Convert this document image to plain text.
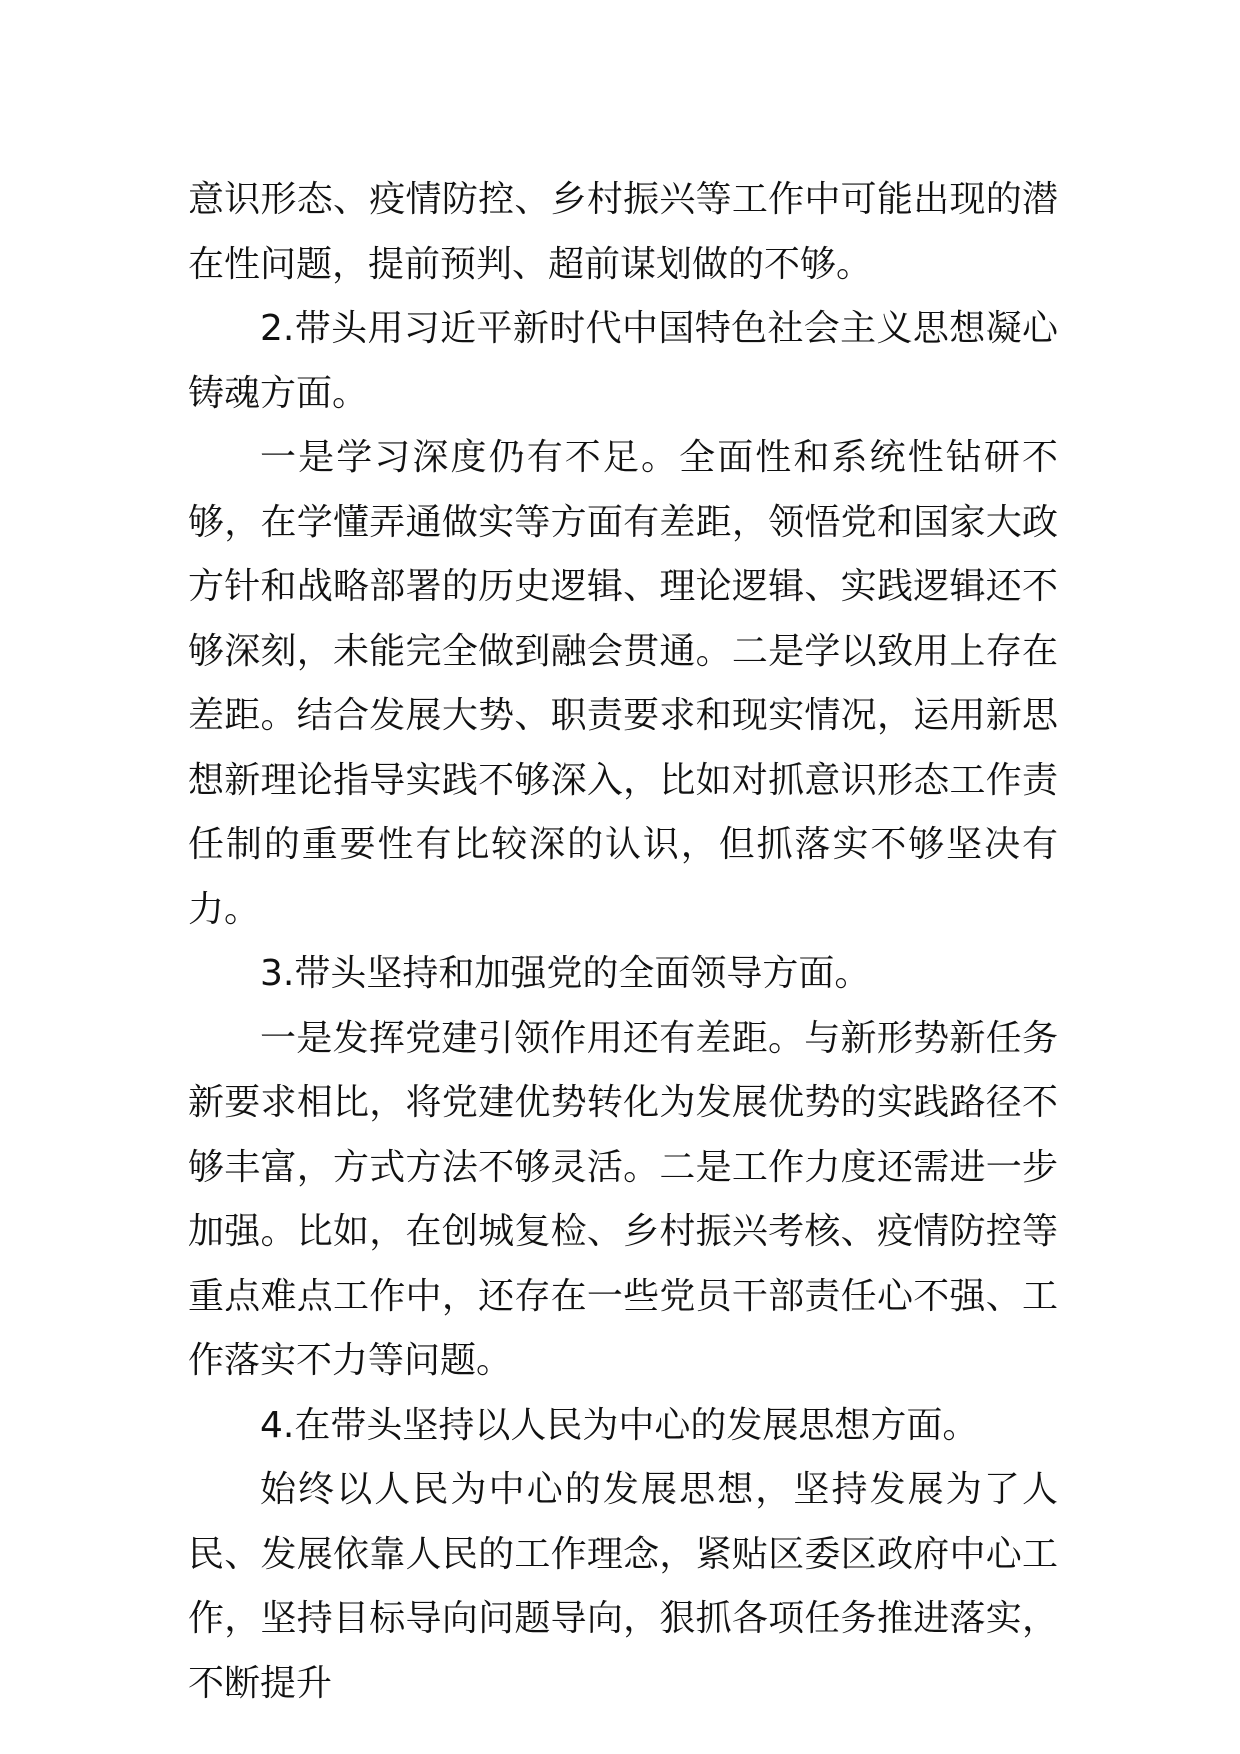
意识形态、疫情防控、乡村振兴等工作中可能出现的潜在性问题，提前预判、超前谋划做的不够。

2.带头用习近平新时代中国特色社会主义思想凝心铸魂方面。

一是学习深度仍有不足。全面性和系统性钻研不够，在学懂弄通做实等方面有差距，领悟党和国家大政方针和战略部署的历史逻辑、理论逻辑、实践逻辑还不够深刻，未能完全做到融会贯通。二是学以致用上存在差距。结合发展大势、职责要求和现实情况，运用新思想新理论指导实践不够深入，比如对抓意识形态工作责任制的重要性有比较深的认识，但抓落实不够坚决有力。

3.带头坚持和加强党的全面领导方面。

一是发挥党建引领作用还有差距。与新形势新任务新要求相比，将党建优势转化为发展优势的实践路径不够丰富，方式方法不够灵活。二是工作力度还需进一步加强。比如，在创城复检、乡村振兴考核、疫情防控等重点难点工作中，还存在一些党员干部责任心不强、工作落实不力等问题。

4.在带头坚持以人民为中心的发展思想方面。

始终以人民为中心的发展思想，坚持发展为了人民、发展依靠人民的工作理念，紧贴区委区政府中心工作，坚持目标导向问题导向，狠抓各项任务推进落实，不断提升
